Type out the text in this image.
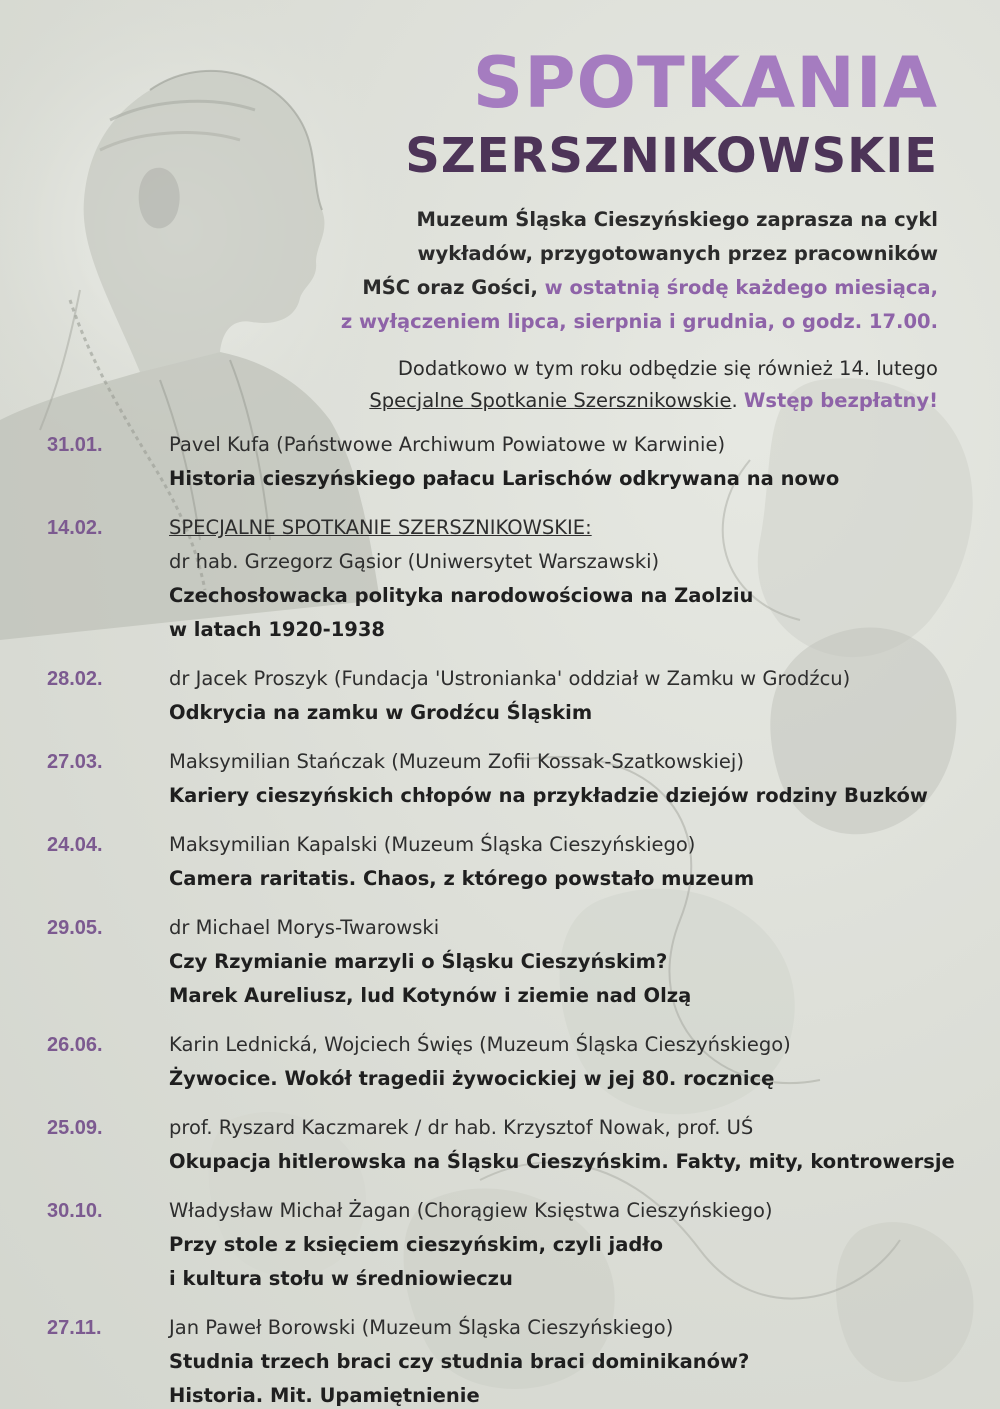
SPOTKANIA
SZERSZNIKOWSKIE
Muzeum Śląska Cieszyńskiego zaprasza na cykl
wykładów, przygotowanych przez pracowników
MŚC oraz Gości, w ostatnią środę każdego miesiąca,
z wyłączeniem lipca, sierpnia i grudnia, o godz. 17.00.
Dodatkowo w tym roku odbędzie się również 14. lutego
Specjalne Spotkanie Szersznikowskie. Wstęp bezpłatny!
31.01.	Pavel Kufa (Państwowe Archiwum Powiatowe w Karwinie)
Historia cieszyńskiego pałacu Larischów odkrywana na nowo
14.02.	SPECJALNE SPOTKANIE SZERSZNIKOWSKIE:
dr hab. Grzegorz Gąsior (Uniwersytet Warszawski)
Czechosłowacka polityka narodowościowa na Zaolziu
w latach 1920-1938
28.02.	dr Jacek Proszyk (Fundacja 'Ustronianka' oddział w Zamku w Grodźcu)
Odkrycia na zamku w Grodźcu Śląskim
27.03.	Maksymilian Stańczak (Muzeum Zofii Kossak-Szatkowskiej)
Kariery cieszyńskich chłopów na przykładzie dziejów rodziny Buzków
24.04.	Maksymilian Kapalski (Muzeum Śląska Cieszyńskiego)
Camera raritatis. Chaos, z którego powstało muzeum
29.05.	dr Michael Morys-Twarowski
Czy Rzymianie marzyli o Śląsku Cieszyńskim?
Marek Aureliusz, lud Kotynów i ziemie nad Olzą
26.06.	Karin Lednická, Wojciech Święs (Muzeum Śląska Cieszyńskiego)
Żywocice. Wokół tragedii żywocickiej w jej 80. rocznicę
25.09.	prof. Ryszard Kaczmarek / dr hab. Krzysztof Nowak, prof. UŚ
Okupacja hitlerowska na Śląsku Cieszyńskim. Fakty, mity, kontrowersje
30.10.	Władysław Michał Żagan (Chorągiew Księstwa Cieszyńskiego)
Przy stole z księciem cieszyńskim, czyli jadło
i kultura stołu w średniowieczu
27.11.	Jan Paweł Borowski (Muzeum Śląska Cieszyńskiego)
Studnia trzech braci czy studnia braci dominikanów?
Historia. Mit. Upamiętnienie
